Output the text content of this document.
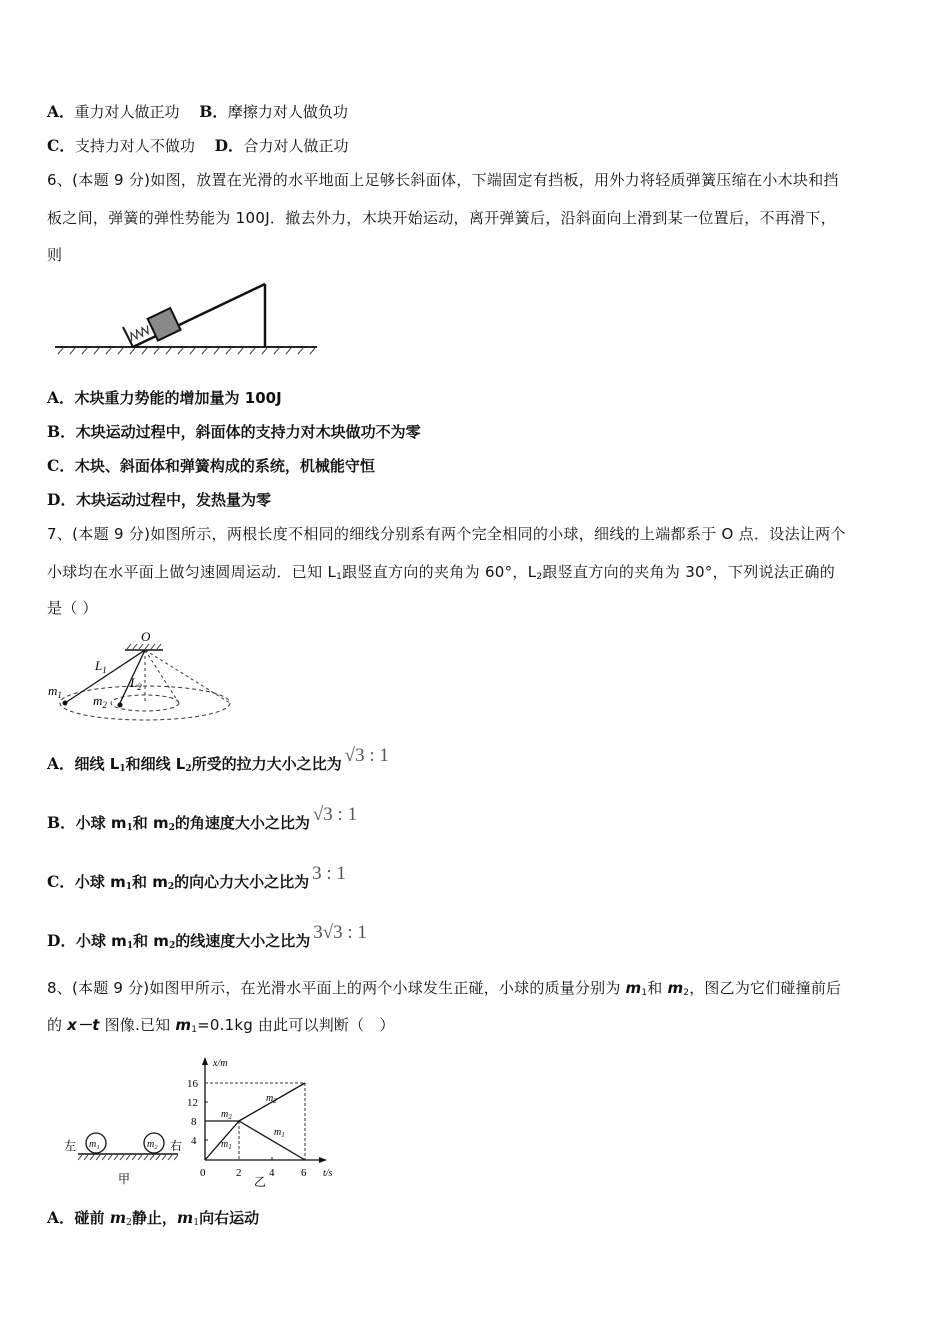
A．重力对人做正功 B．摩擦力对人做负功
C．支持力对人不做功 D．合力对人做正功
6、(本题 9 分)如图，放置在光滑的水平地面上足够长斜面体，下端固定有挡板，用外力将轻质弹簧压缩在小木块和挡
板之间，弹簧的弹性势能为 100J．撤去外力，木块开始运动，离开弹簧后，沿斜面向上滑到某一位置后，不再滑下，
则
A．木块重力势能的增加量为 100J
B．木块运动过程中，斜面体的支持力对木块做功不为零
C．木块、斜面体和弹簧构成的系统，机械能守恒
D．木块运动过程中，发热量为零
7、(本题 9 分)如图所示，两根长度不相同的细线分别系有两个完全相同的小球，细线的上端都系于 O 点．设法让两个
小球均在水平面上做匀速圆周运动．已知 $L_1$跟竖直方向的夹角为 60°，$L_2$跟竖直方向的夹角为 30°，下列说法正确的
是（ ）
O
$L_1$
$L_2$
$m_1$ $m_2$
A．细线 $L_1$和细线 $L_2$所受的拉力大小之比为 √3 : 1
B．小球 $m_1$和 $m_2$的角速度大小之比为 √3 : 1
C．小球 $m_1$和 $m_2$的向心力大小之比为 3 : 1
D．小球 $m_1$和 $m_2$的线速度大小之比为 3√3 : 1
8、(本题 9 分)如图甲所示，在光滑水平面上的两个小球发生正碰，小球的质量分别为 $m_1$和 $m_2$，图乙为它们碰撞前后
的 x－t 图像.已知 $m_1=0.1kg$ 由此可以判断（　）
左	右
m₁	m₂
甲
x/m
t/s
4
8
12
16
0	2	4 6
$m_2$
$m_1$
$m_2$
$m_1$
乙
A．碰前 $m_2$静止，$m_1$向右运动
